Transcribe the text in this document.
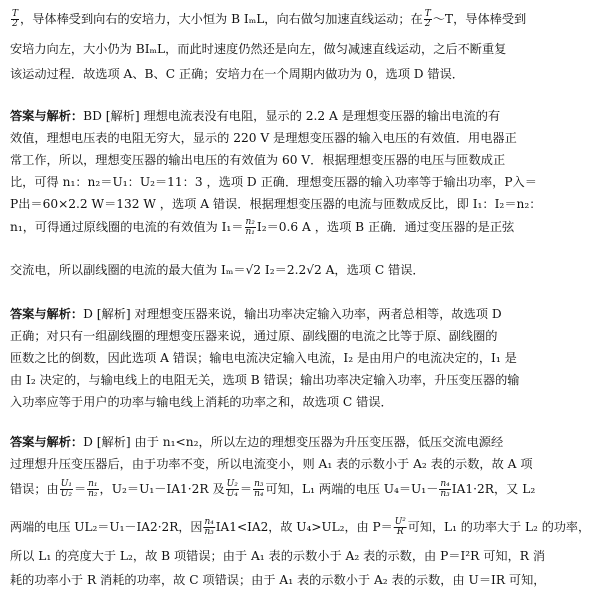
$\frac{T}{2}$ ，导体棒受到向右的安培力，大小恒为 B IₘL，向右做匀加速直线运动；在 $\frac{T}{2}$ ～T，导体棒受到
安培力向左，大小仍为 BIₘL，而此时速度仍然还是向左，做匀减速直线运动，之后不断重复
该运动过程．故选项 A、B、C 正确；安培力在一个周期内做功为 0，选项 D 错误．
答案与解析：BD [解析] 理想电流表没有电阻，显示的 2.2 A 是理想变压器的输出电流的有
效值，理想电压表的电阻无穷大，显示的 220 V 是理想变压器的输入电压的有效值．用电器正
常工作，所以，理想变压器的输出电压的有效值为 60 V．根据理想变压器的电压与匝数成正
比，可得 n₁：n₂＝U₁：U₂＝11：3 ，选项 D 正确．理想变压器的输入功率等于输出功率，P入＝
P出＝60×2.2 W＝132 W ，选项 A 错误．根据理想变压器的电流与匝数成反比，即 I₁：I₂＝n₂：
n₁，可得通过原线圈的电流的有效值为 $I_1= \frac{\text{n₂}}{\text{n₁}} I_2=0.6$ A ，选项 B 正确．通过变压器的是正弦
交流电，所以副线圈的电流的最大值为 Iₘ＝√2 I₂＝2.2√2 A，选项 C 错误．
答案与解析：D [解析] 对理想变压器来说，输出功率决定输入功率，两者总相等，故选项 D
正确；对只有一组副线圈的理想变压器来说，通过原、副线圈的电流之比等于原、副线圈的
匝数之比的倒数，因此选项 A 错误；输电电流决定输入电流，I₂ 是由用户的电流决定的，I₁ 是
由 I₂ 决定的，与输电线上的电阻无关，选项 B 错误；输出功率决定输入功率，升压变压器的输
入功率应等于用户的功率与输电线上消耗的功率之和，故选项 C 错误．
答案与解析：D [解析] 由于 n₁<n₂，所以左边的理想变压器为升压变压器，低压交流电源经
过理想升压变压器后，由于功率不变，所以电流变小，则 A₁ 表的示数小于 A₂ 表的示数，故 A 项
错误；由 $\frac{\text{U₁}}{\text{U₂}} = \frac{\text{n₁}}{\text{n₂}}$ ，U₂＝U₁－IA1·2R 及 $\frac{\text{U₂}}{\text{U₄}} = \frac{\text{n₃}}{\text{n₄}}$ 可知，L₁ 两端的电压 $U_4=U_1- \frac{\text{n₄}}{\text{n₃}} IA1\cdot 2R$，又 L₂
两端的电压 UL₂＝U₁－IA2·2R，因 $\frac{\text{n₄}}{\text{n₃}} IA1<IA2$，故 U₄>UL₂，由 $P= \frac{\text{U²}}{R}$ 可知，L₁ 的功率大于 L₂ 的功率，
所以 L₁ 的亮度大于 L₂，故 B 项错误；由于 A₁ 表的示数小于 A₂ 表的示数，由 P＝I²R 可知，R 消
耗的功率小于 R 消耗的功率，故 C 项错误；由于 A₁ 表的示数小于 A₂ 表的示数，由 U＝IR 可知，
